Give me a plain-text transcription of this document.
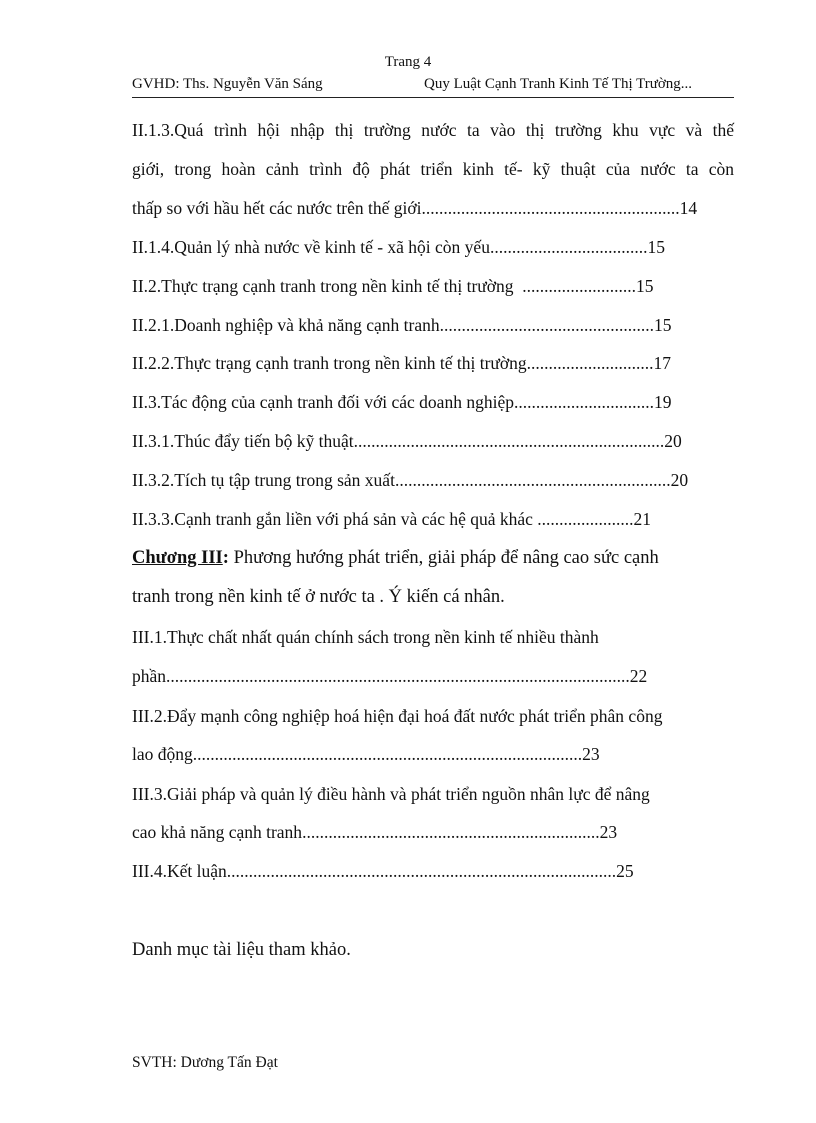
Trang 4
GVHD: Ths. Nguyễn Văn Sáng	Quy Luật Cạnh Tranh Kinh Tế Thị Trường...
II.1.3.Quá trình hội nhập thị trường nước ta vào thị trường khu vực và thế
giới, trong hoàn cảnh trình độ phát triển kinh tế- kỹ thuật của nước ta còn
thấp so với hầu hết các nước trên thế giới...........................................................14
II.1.4.Quản lý nhà nước về kinh tế - xã hội còn yếu....................................15
II.2.Thực trạng cạnh tranh trong nền kinh tế thị trường  ..........................15
II.2.1.Doanh nghiệp và khả năng cạnh tranh.................................................15
II.2.2.Thực trạng cạnh tranh trong nền kinh tế thị trường.............................17
II.3.Tác động của cạnh tranh đối với các doanh nghiệp................................19
II.3.1.Thúc đẩy tiến bộ kỹ thuật.......................................................................20
II.3.2.Tích tụ tập trung trong sản xuất...............................................................20
II.3.3.Cạnh tranh gắn liền với phá sản và các hệ quả khác ......................21
Chương III: Phương hướng phát triển, giải pháp để nâng cao sức cạnh
tranh trong nền kinh tế ở nước ta . Ý kiến cá nhân.
III.1.Thực chất nhất quán chính sách trong nền kinh tế nhiều thành
phần..........................................................................................................22
III.2.Đẩy mạnh công nghiệp hoá hiện đại hoá đất nước phát triển phân công
lao động.........................................................................................23
III.3.Giải pháp và quản lý điều hành và phát triển nguồn nhân lực để nâng
cao khả năng cạnh tranh....................................................................23
III.4.Kết luận.........................................................................................25
Danh mục tài liệu tham khảo.
SVTH: Dương Tấn Đạt
